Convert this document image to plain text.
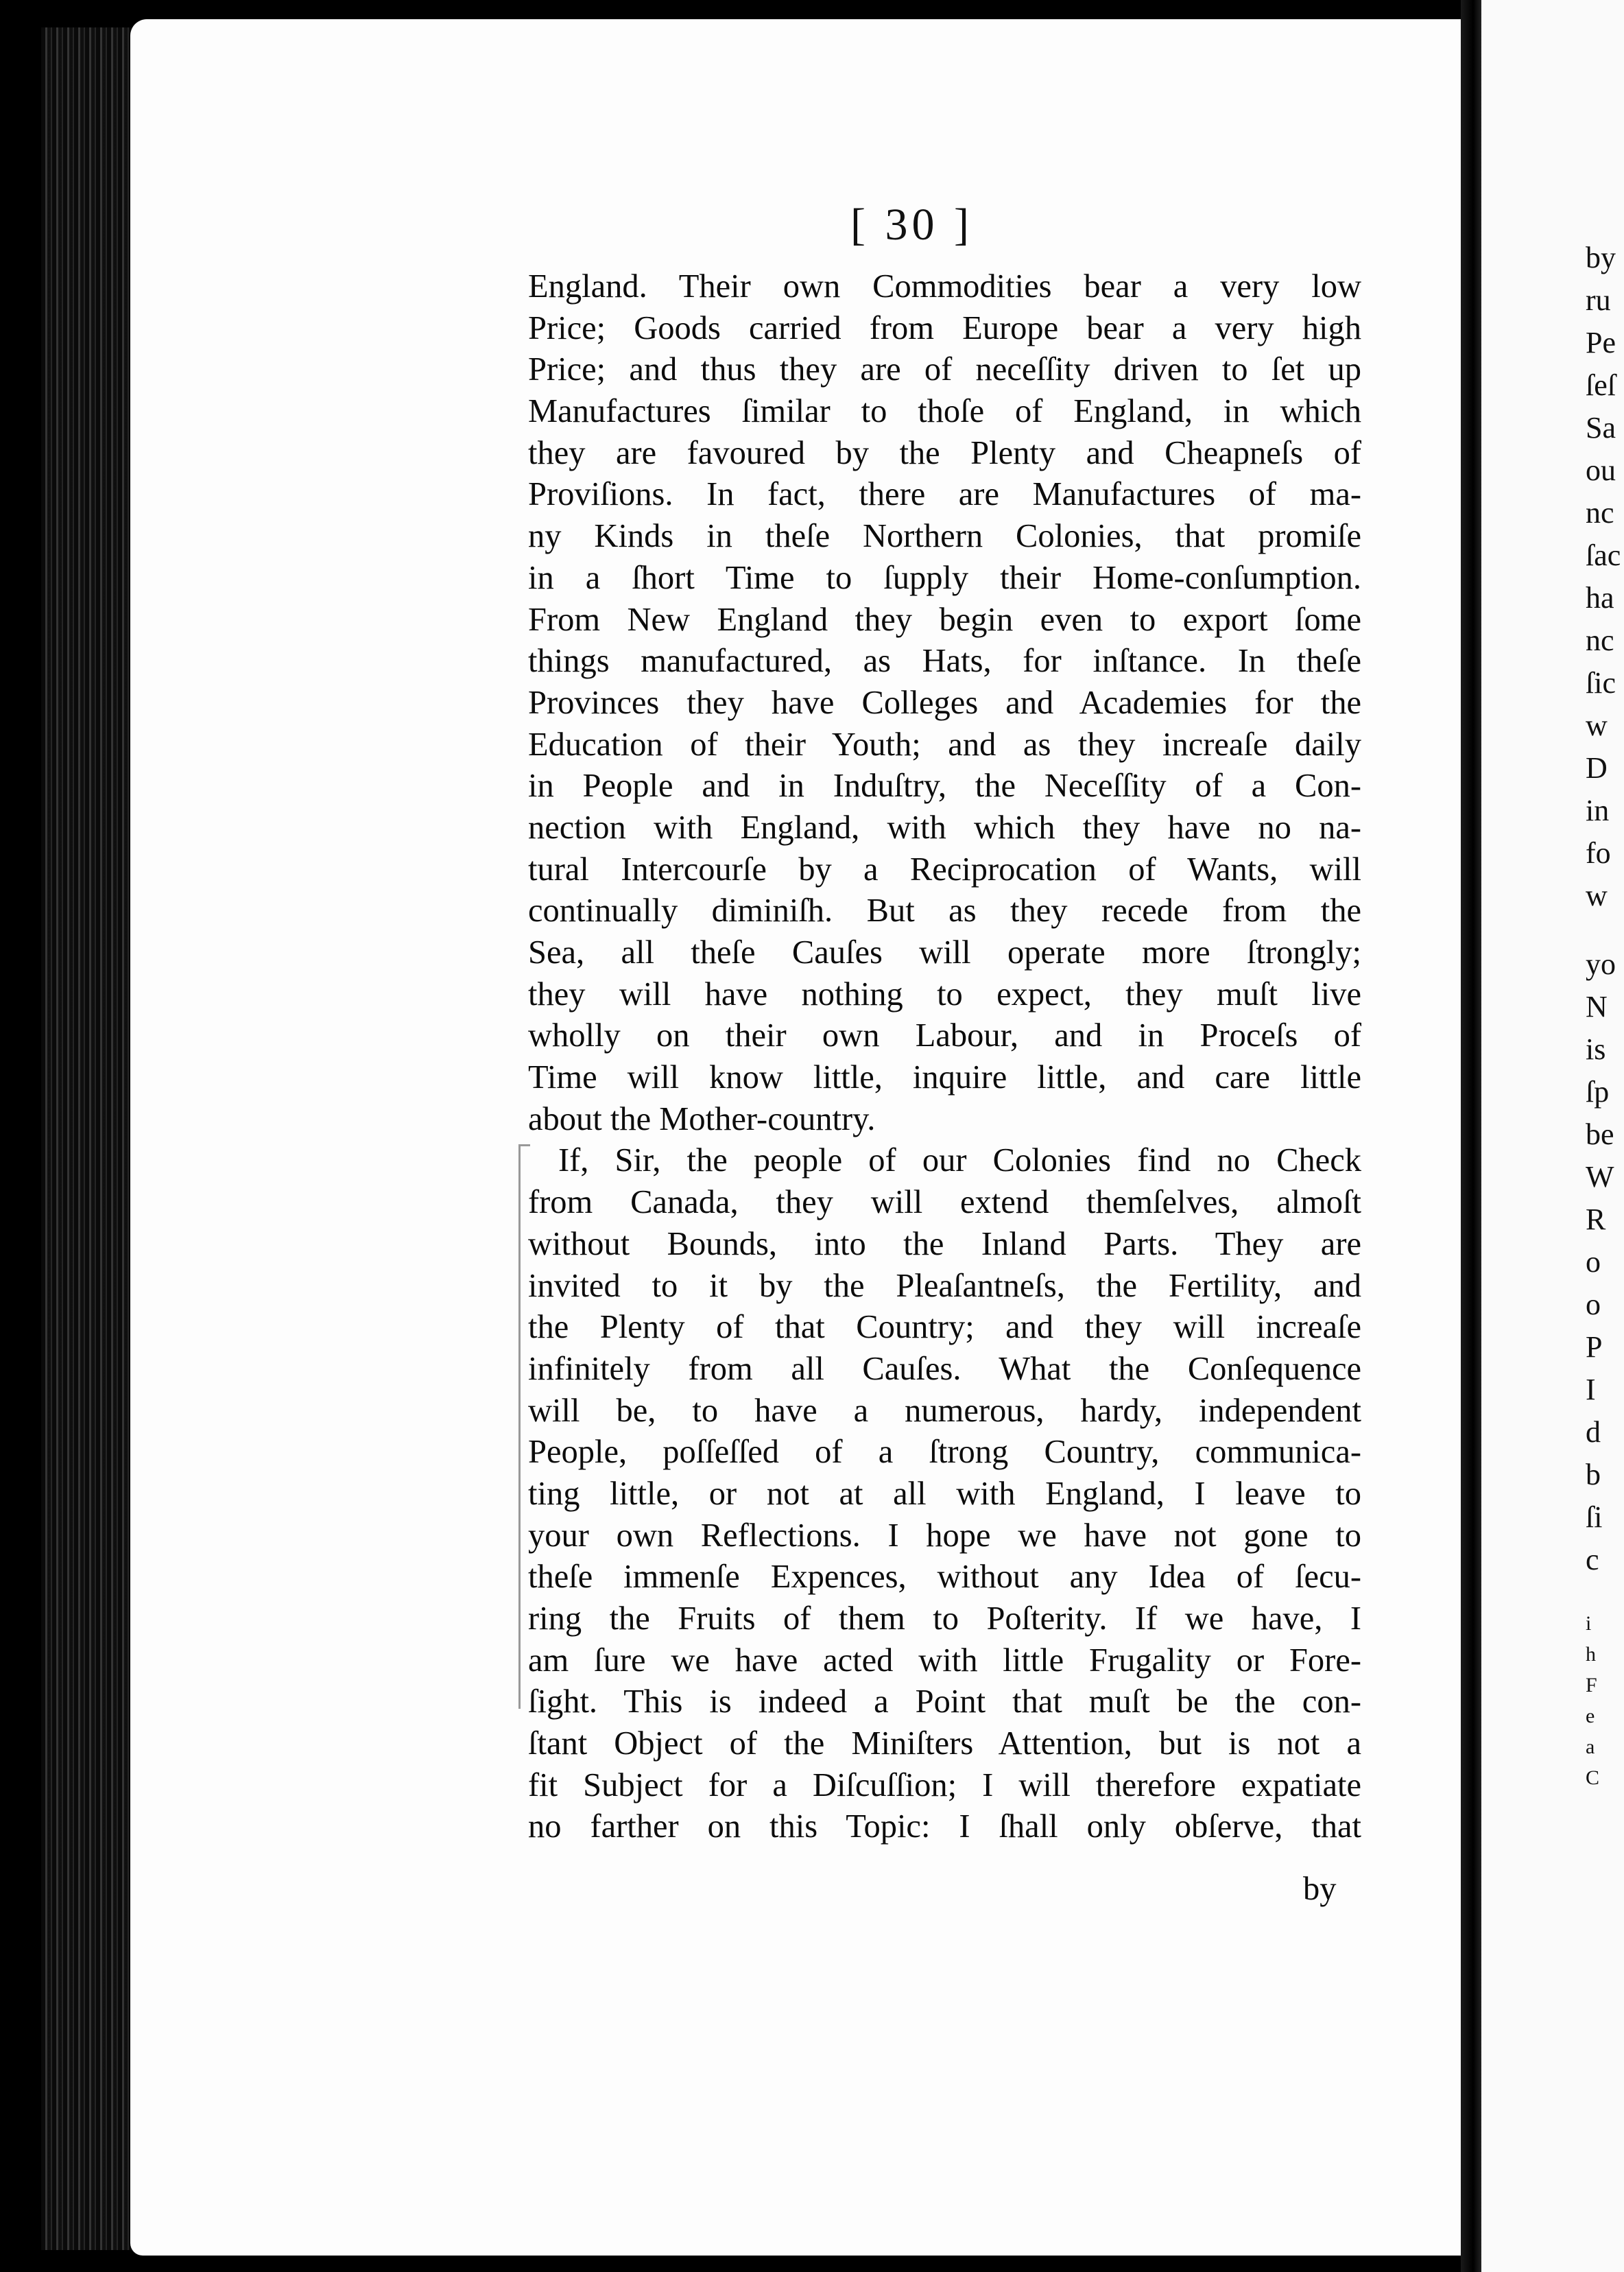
[ 30 ]
England. Their own Commodities bear a very low
Price; Goods carried from Europe bear a very high
Price; and thus they are of neceſſity driven to ſet up
Manufactures ſimilar to thoſe of England, in which
they are favoured by the Plenty and Cheapneſs of
Proviſions. In fact, there are Manufactures of ma-
ny Kinds in theſe Northern Colonies, that promiſe
in a ſhort Time to ſupply their Home-conſumption.
From New England they begin even to export ſome
things manufactured, as Hats, for inſtance. In theſe
Provinces they have Colleges and Academies for the
Education of their Youth; and as they increaſe daily
in People and in Induſtry, the Neceſſity of a Con-
nection with England, with which they have no na-
tural Intercourſe by a Reciprocation of Wants, will
continually diminiſh. But as they recede from the
Sea, all theſe Cauſes will operate more ſtrongly;
they will have nothing to expect, they muſt live
wholly on their own Labour, and in Proceſs of
Time will know little, inquire little, and care little
about the Mother-country.
If, Sir, the people of our Colonies find no Check
from Canada, they will extend themſelves, almoſt
without Bounds, into the Inland Parts. They are
invited to it by the Pleaſantneſs, the Fertility, and
the Plenty of that Country; and they will increaſe
infinitely from all Cauſes. What the Conſequence
will be, to have a numerous, hardy, independent
People, poſſeſſed of a ſtrong Country, communica-
ting little, or not at all with England, I leave to
your own Reflections. I hope we have not gone to
theſe immenſe Expences, without any Idea of ſecu-
ring the Fruits of them to Poſterity. If we have, I
am ſure we have acted with little Frugality or Fore-
ſight. This is indeed a Point that muſt be the con-
ſtant Object of the Miniſters Attention, but is not a
fit Subject for a Diſcuſſion; I will therefore expatiate
no farther on this Topic: I ſhall only obſerve, that
by
by
ru
Pe
ſeſ
Sa
ou
nc
ſac
ha
nc
ſic
w
D
in
fo
w
yo
N
is
ſp
be
W
R
o
o
P
I
d
b
ſi
c
i
h
F
e
a
C
